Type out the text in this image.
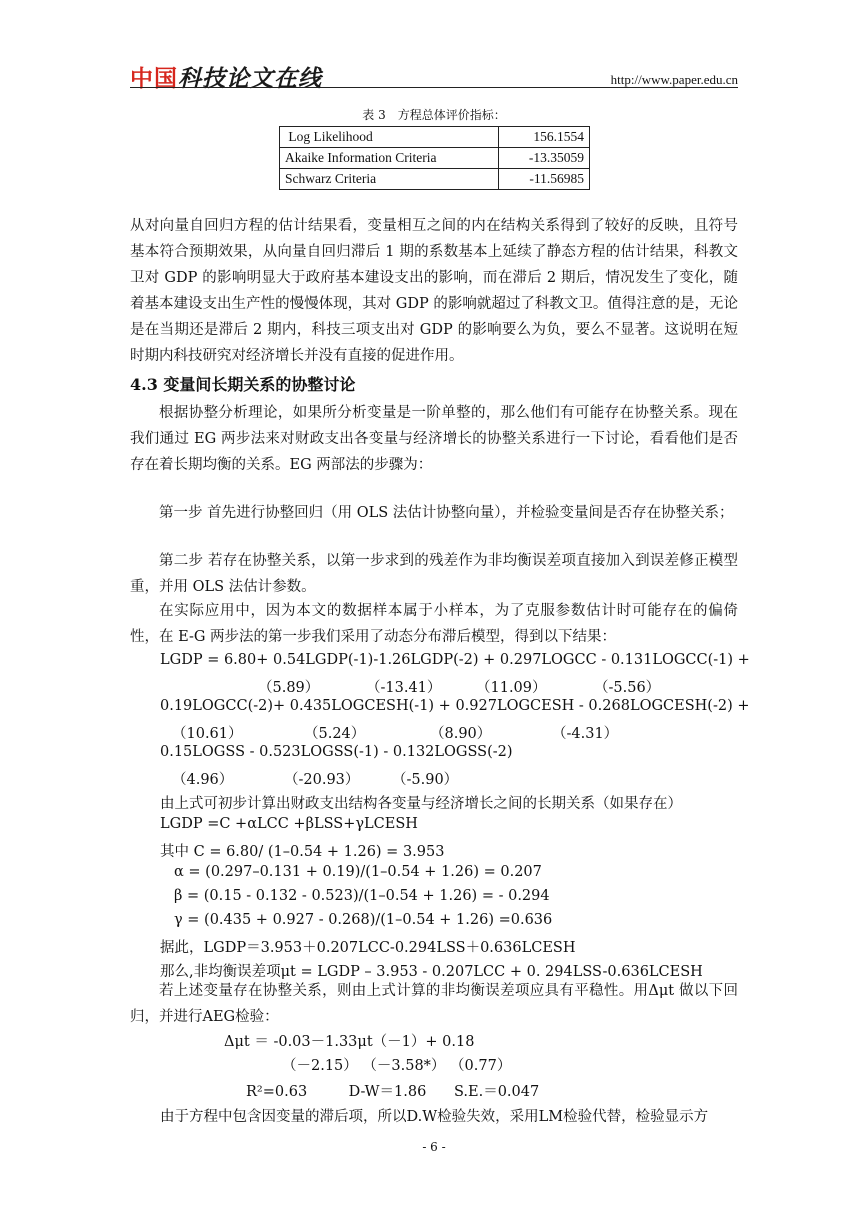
中国科技论文在线	http://www.paper.edu.cn
表 3　方程总体评价指标：
Log Likelihood	156.1554
Akaike Information Criteria	-13.35059
Schwarz Criteria	-11.56985
从对向量自回归方程的估计结果看，变量相互之间的内在结构关系得到了较好的反映，且符号基本符合预期效果，从向量自回归滞后 1 期的系数基本上延续了静态方程的估计结果，科教文卫对 GDP 的影响明显大于政府基本建设支出的影响，而在滞后 2 期后，情况发生了变化，随着基本建设支出生产性的慢慢体现，其对 GDP 的影响就超过了科教文卫。值得注意的是，无论是在当期还是滞后 2 期内，科技三项支出对 GDP 的影响要么为负，要么不显著。这说明在短时期内科技研究对经济增长并没有直接的促进作用。
4.3 变量间长期关系的协整讨论
根据协整分析理论，如果所分析变量是一阶单整的，那么他们有可能存在协整关系。现在我们通过 EG 两步法来对财政支出各变量与经济增长的协整关系进行一下讨论，看看他们是否存在着长期均衡的关系。EG 两部法的步骤为：
第一步 首先进行协整回归（用 OLS 法估计协整向量），并检验变量间是否存在协整关系；
第二步 若存在协整关系，以第一步求到的残差作为非均衡误差项直接加入到误差修正模型重，并用 OLS 法估计参数。
在实际应用中，因为本文的数据样本属于小样本，为了克服参数估计时可能存在的偏倚性，在 E-G 两步法的第一步我们采用了动态分布滞后模型，得到以下结果：
LGDP = 6.80+ 0.54LGDP(-1)-1.26LGDP(-2) + 0.297LOGCC - 0.131LOGCC(-1) +
（5.89）	（-13.41） （11.09）	（-5.56）
0.19LOGCC(-2)+ 0.435LOGCESH(-1) + 0.927LOGCESH - 0.268LOGCESH(-2) +
（10.61）	（5.24）	（8.90）	（-4.31）
0.15LOGSS - 0.523LOGSS(-1) - 0.132LOGSS(-2)
（4.96）	（-20.93） （-5.90）
由上式可初步计算出财政支出结构各变量与经济增长之间的长期关系（如果存在）
LGDP =C +αLCC +βLSS+γLCESH
其中 C = 6.80/ (1–0.54 + 1.26) = 3.953
α = (0.297–0.131 + 0.19)/(1–0.54 + 1.26) = 0.207
β = (0.15 - 0.132 - 0.523)/(1–0.54 + 1.26) = - 0.294
γ = (0.435 + 0.927 - 0.268)/(1–0.54 + 1.26) =0.636
据此，LGDP＝3.953＋0.207LCC-0.294LSS＋0.636LCESH
那么,非均衡误差项μt = LGDP – 3.953 - 0.207LCC + 0. 294LSS-0.636LCESH
若上述变量存在协整关系，则由上式计算的非均衡误差项应具有平稳性。用Δμt 做以下回归，并进行AEG检验：
Δμt ＝ -0.03－1.33μt（－1）+ 0.18
（－2.15） （－3.58*） （0.77）
R²=0.63         D-W＝1.86      S.E.＝0.047
由于方程中包含因变量的滞后项，所以D.W检验失效，采用LM检验代替，检验显示方
- 6 -
